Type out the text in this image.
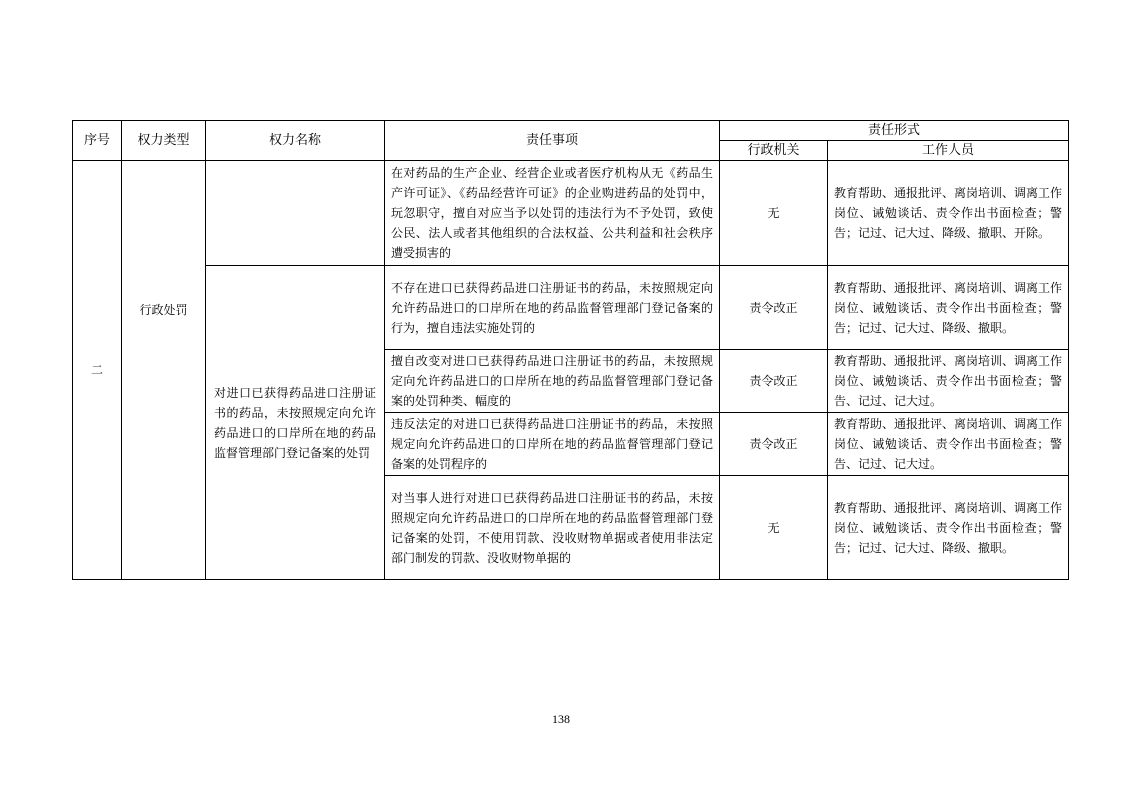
序号	权力类型	权力名称	责任事项	责任形式	
				行政机关	工作人员
二	行政处罚		在对药品的生产企业、经营企业或者医疗机构从无《药品生产许可证》、《药品经营许可证》的企业购进药品的处罚中，玩忽职守，擅自对应当予以处罚的违法行为不予处罚，致使公民、法人或者其他组织的合法权益、公共利益和社会秩序遭受损害的	无	教育帮助、通报批评、离岗培训、调离工作岗位、诫勉谈话、责令作出书面检查；警告；记过、记大过、降级、撤职、开除。
		对进口已获得药品进口注册证书的药品，未按照规定向允许药品进口的口岸所在地的药品监督管理部门登记备案的处罚	不存在进口已获得药品进口注册证书的药品，未按照规定向允许药品进口的口岸所在地的药品监督管理部门登记备案的行为，擅自违法实施处罚的	责令改正	教育帮助、通报批评、离岗培训、调离工作岗位、诫勉谈话、责令作出书面检查；警告；记过、记大过、降级、撤职。
			擅自改变对进口已获得药品进口注册证书的药品，未按照规定向允许药品进口的口岸所在地的药品监督管理部门登记备案的处罚种类、幅度的	责令改正	教育帮助、通报批评、离岗培训、调离工作岗位、诫勉谈话、责令作出书面检查；警告、记过、记大过。
			违反法定的对进口已获得药品进口注册证书的药品，未按照规定向允许药品进口的口岸所在地的药品监督管理部门登记备案的处罚程序的	责令改正	教育帮助、通报批评、离岗培训、调离工作岗位、诫勉谈话、责令作出书面检查；警告、记过、记大过。
			对当事人进行对进口已获得药品进口注册证书的药品，未按照规定向允许药品进口的口岸所在地的药品监督管理部门登记备案的处罚，不使用罚款、没收财物单据或者使用非法定部门制发的罚款、没收财物单据的	无	教育帮助、通报批评、离岗培训、调离工作岗位、诫勉谈话、责令作出书面检查；警告；记过、记大过、降级、撤职。
138
